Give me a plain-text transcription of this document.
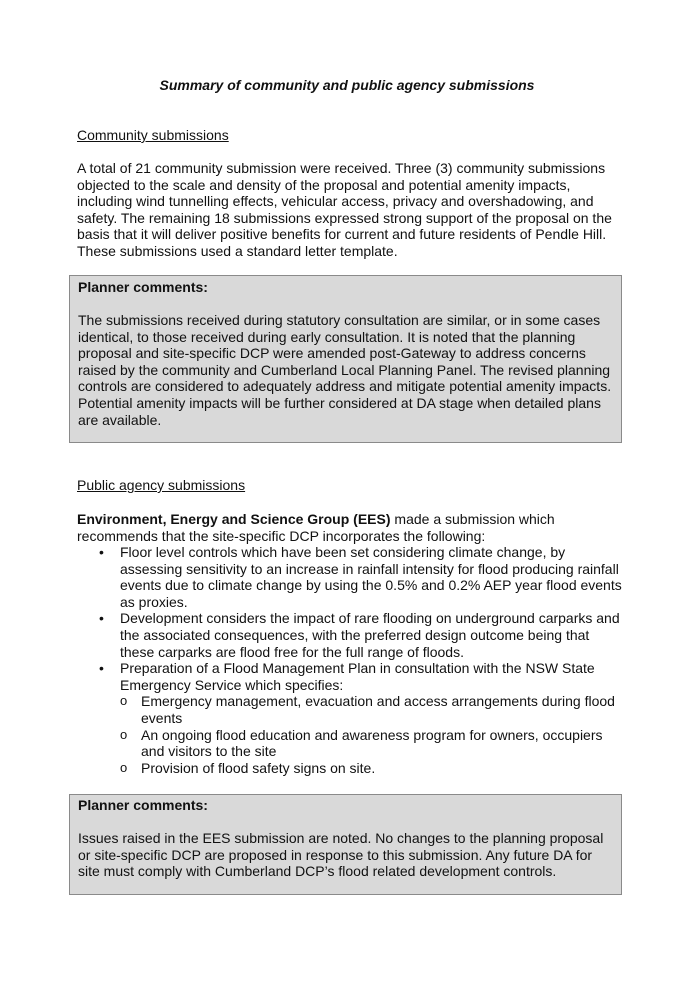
Summary of community and public agency submissions
Community submissions

A total of 21 community submission were received. Three (3) community submissions objected to the scale and density of the proposal and potential amenity impacts, including wind tunnelling effects, vehicular access, privacy and overshadowing, and safety. The remaining 18 submissions expressed strong support of the proposal on the basis that it will deliver positive benefits for current and future residents of Pendle Hill. These submissions used a standard letter template.

Planner comments:

The submissions received during statutory consultation are similar, or in some cases identical, to those received during early consultation. It is noted that the planning proposal and site-specific DCP were amended post-Gateway to address concerns raised by the community and Cumberland Local Planning Panel. The revised planning controls are considered to adequately address and mitigate potential amenity impacts. Potential amenity impacts will be further considered at DA stage when detailed plans are available.

Public agency submissions

Environment, Energy and Science Group (EES) made a submission which recommends that the site-specific DCP incorporates the following:

• Floor level controls which have been set considering climate change, by assessing sensitivity to an increase in rainfall intensity for flood producing rainfall events due to climate change by using the 0.5% and 0.2% AEP year flood events as proxies.
• Development considers the impact of rare flooding on underground carparks and the associated consequences, with the preferred design outcome being that these carparks are flood free for the full range of floods.
• Preparation of a Flood Management Plan in consultation with the NSW State Emergency Service which specifies:
o Emergency management, evacuation and access arrangements during flood events
o An ongoing flood education and awareness program for owners, occupiers and visitors to the site
o Provision of flood safety signs on site.

Planner comments:

Issues raised in the EES submission are noted. No changes to the planning proposal or site-specific DCP are proposed in response to this submission. Any future DA for site must comply with Cumberland DCP’s flood related development controls.
